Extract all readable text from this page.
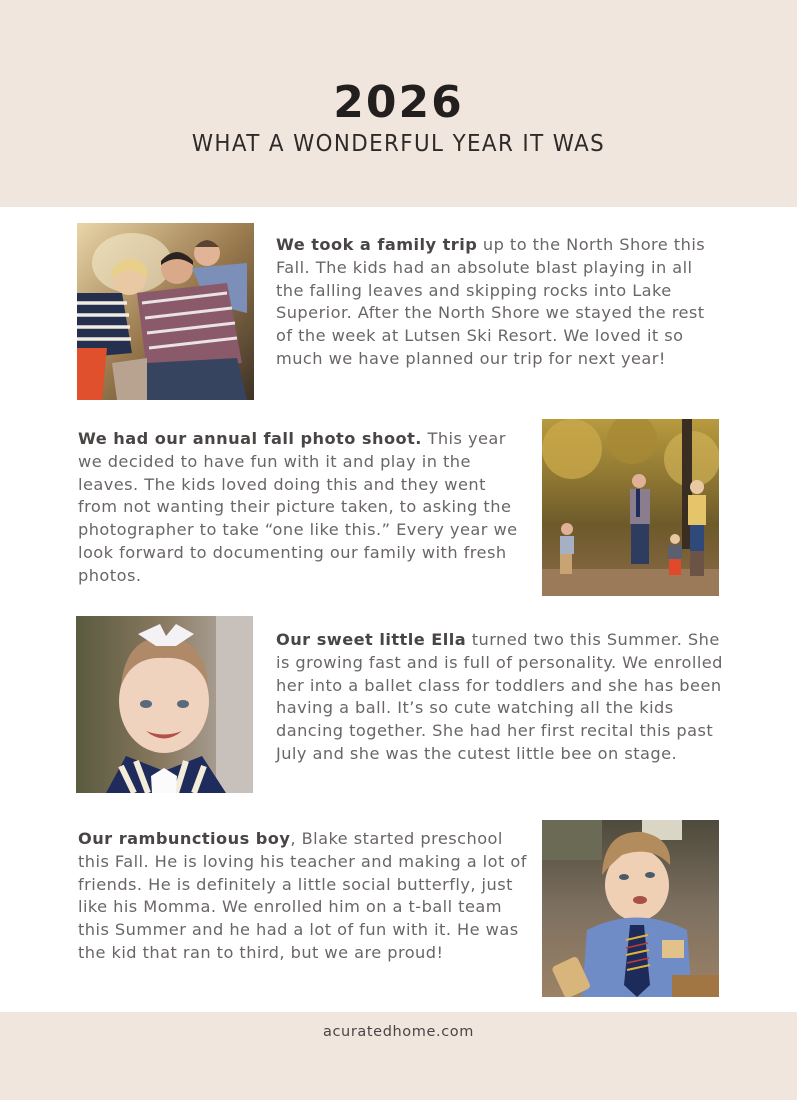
2026
WHAT A WONDERFUL YEAR IT WAS
We took a family trip up to the North Shore this Fall. The kids had an absolute blast playing in all the falling leaves and skipping rocks into Lake Superior. After the North Shore we stayed the rest of the week at Lutsen Ski Resort. We loved it so much we have planned our trip for next year!
We had our annual fall photo shoot. This year we decided to have fun with it and play in the leaves. The kids loved doing this and they went from not wanting their picture taken, to asking the photographer to take “one like this.” Every year we look forward to documenting our family with fresh photos.
Our sweet little Ella turned two this Summer. She is growing fast and is full of personality. We enrolled her into a ballet class for toddlers and she has been having a ball. It’s so cute watching all the kids dancing together. She had her first recital this past July and she was the cutest little bee on stage.
Our rambunctious boy, Blake started preschool this Fall. He is loving his teacher and making a lot of friends. He is definitely a little social butterfly, just like his Momma. We enrolled him on a t-ball team this Summer and he had a lot of fun with it. He was the kid that ran to third, but we are proud!
acuratedhome.com
